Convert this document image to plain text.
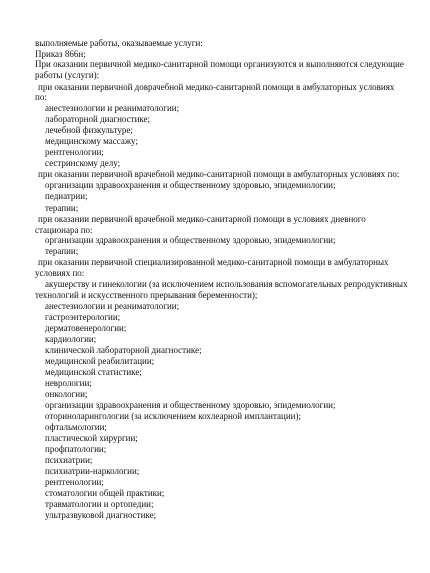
выполняемые работы, оказываемые услуги:
Приказ 866н;
При оказании первичной медико-санитарной помощи организуются и выполняются следующие
работы (услуги):
при оказании первичной доврачебной медико-санитарной помощи в амбулаторных условиях
по:
анестезиологии и реаниматологии;
лабораторной диагностике;
лечебной физкультуре;
медицинскому массажу;
рентгенологии;
сестринскому делу;
при оказании первичной врачебной медико-санитарной помощи в амбулаторных условиях по:
организации здравоохранения и общественному здоровью, эпидемиологии;
педиатрии;
терапии;
при оказании первичной врачебной медико-санитарной помощи в условиях дневного
стационара по:
организации здравоохранения и общественному здоровью, эпидемиологии;
терапии;
при оказании первичной специализированной медико-санитарной помощи в амбулаторных
условиях по:
акушерству и гинекологии (за исключением использования вспомогательных репродуктивных
технологий и искусственного прерывания беременности);
анестезиологии и реаниматологии;
гастроэнтерологии;
дерматовенерологии;
кардиологии;
клинической лабораторной диагностике;
медицинской реабилитации;
медицинской статистике;
неврологии;
онкологии;
организации здравоохранения и общественному здоровью, эпидемиологии;
оториноларингологии (за исключением кохлеарной имплантации);
офтальмологии;
пластической хирургии;
профпатологии;
психиатрии;
психиатрии-наркологии;
рентгенологии;
стоматологии общей практики;
травматологии и ортопедии;
ультразвуковой диагностике;
